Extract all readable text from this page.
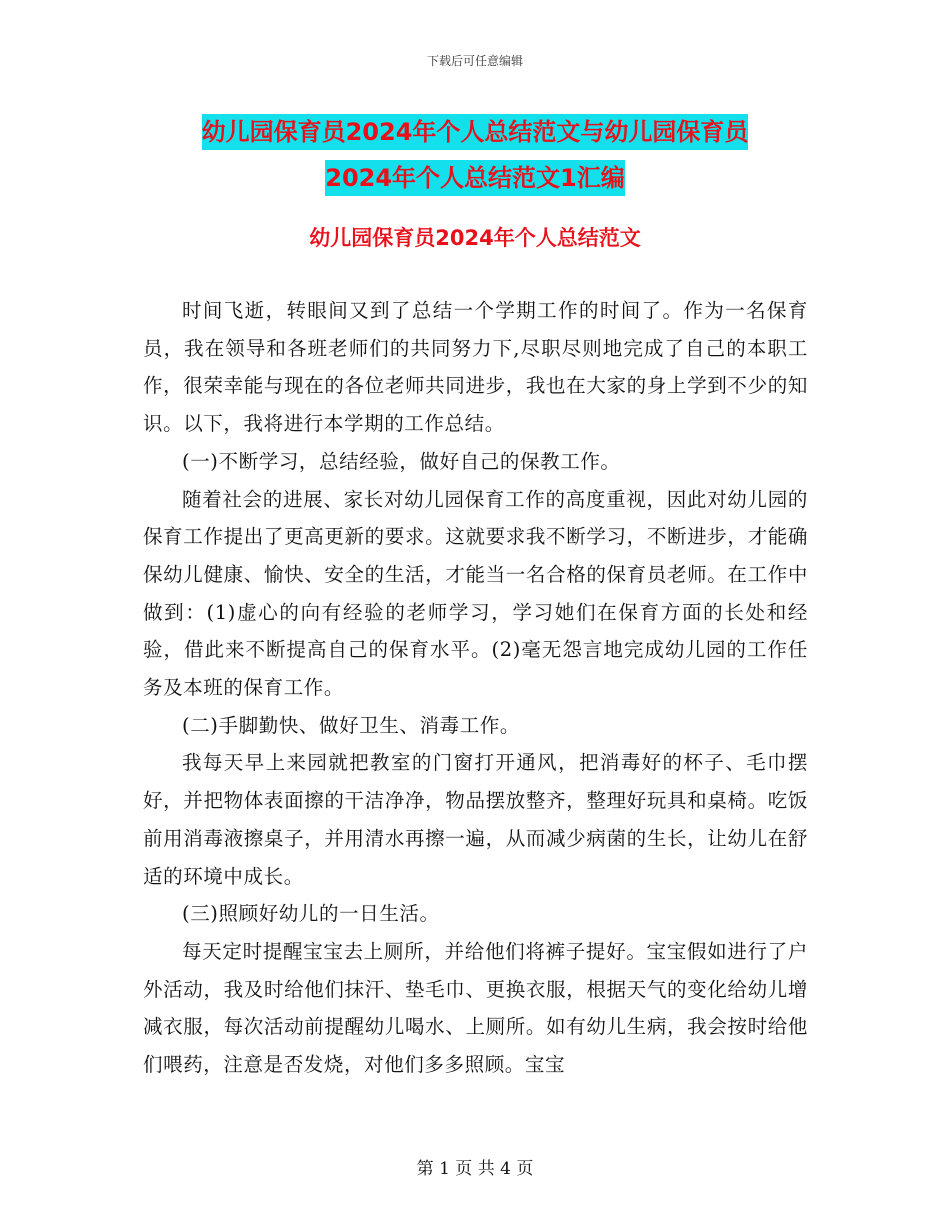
下载后可任意编辑
幼儿园保育员2024年个人总结范文与幼儿园保育员
2024年个人总结范文1汇编
幼儿园保育员2024年个人总结范文

时间飞逝，转眼间又到了总结一个学期工作的时间了。作为一名保育员，我在领导和各班老师们的共同努力下,尽职尽则地完成了自己的本职工作，很荣幸能与现在的各位老师共同进步，我也在大家的身上学到不少的知识。以下，我将进行本学期的工作总结。

(一)不断学习，总结经验，做好自己的保教工作。

随着社会的进展、家长对幼儿园保育工作的高度重视，因此对幼儿园的保育工作提出了更高更新的要求。这就要求我不断学习，不断进步，才能确保幼儿健康、愉快、安全的生活，才能当一名合格的保育员老师。在工作中做到：(1)虚心的向有经验的老师学习，学习她们在保育方面的长处和经验，借此来不断提高自己的保育水平。(2)毫无怨言地完成幼儿园的工作任务及本班的保育工作。

(二)手脚勤快、做好卫生、消毒工作。

我每天早上来园就把教室的门窗打开通风，把消毒好的杯子、毛巾摆好，并把物体表面擦的干洁净净，物品摆放整齐，整理好玩具和桌椅。吃饭前用消毒液擦桌子，并用清水再擦一遍，从而减少病菌的生长，让幼儿在舒适的环境中成长。

(三)照顾好幼儿的一日生活。

每天定时提醒宝宝去上厕所，并给他们将裤子提好。宝宝假如进行了户外活动，我及时给他们抹汗、垫毛巾、更换衣服，根据天气的变化给幼儿增减衣服，每次活动前提醒幼儿喝水、上厕所。如有幼儿生病，我会按时给他们喂药，注意是否发烧，对他们多多照顾。宝宝

第 1 页 共 4 页
